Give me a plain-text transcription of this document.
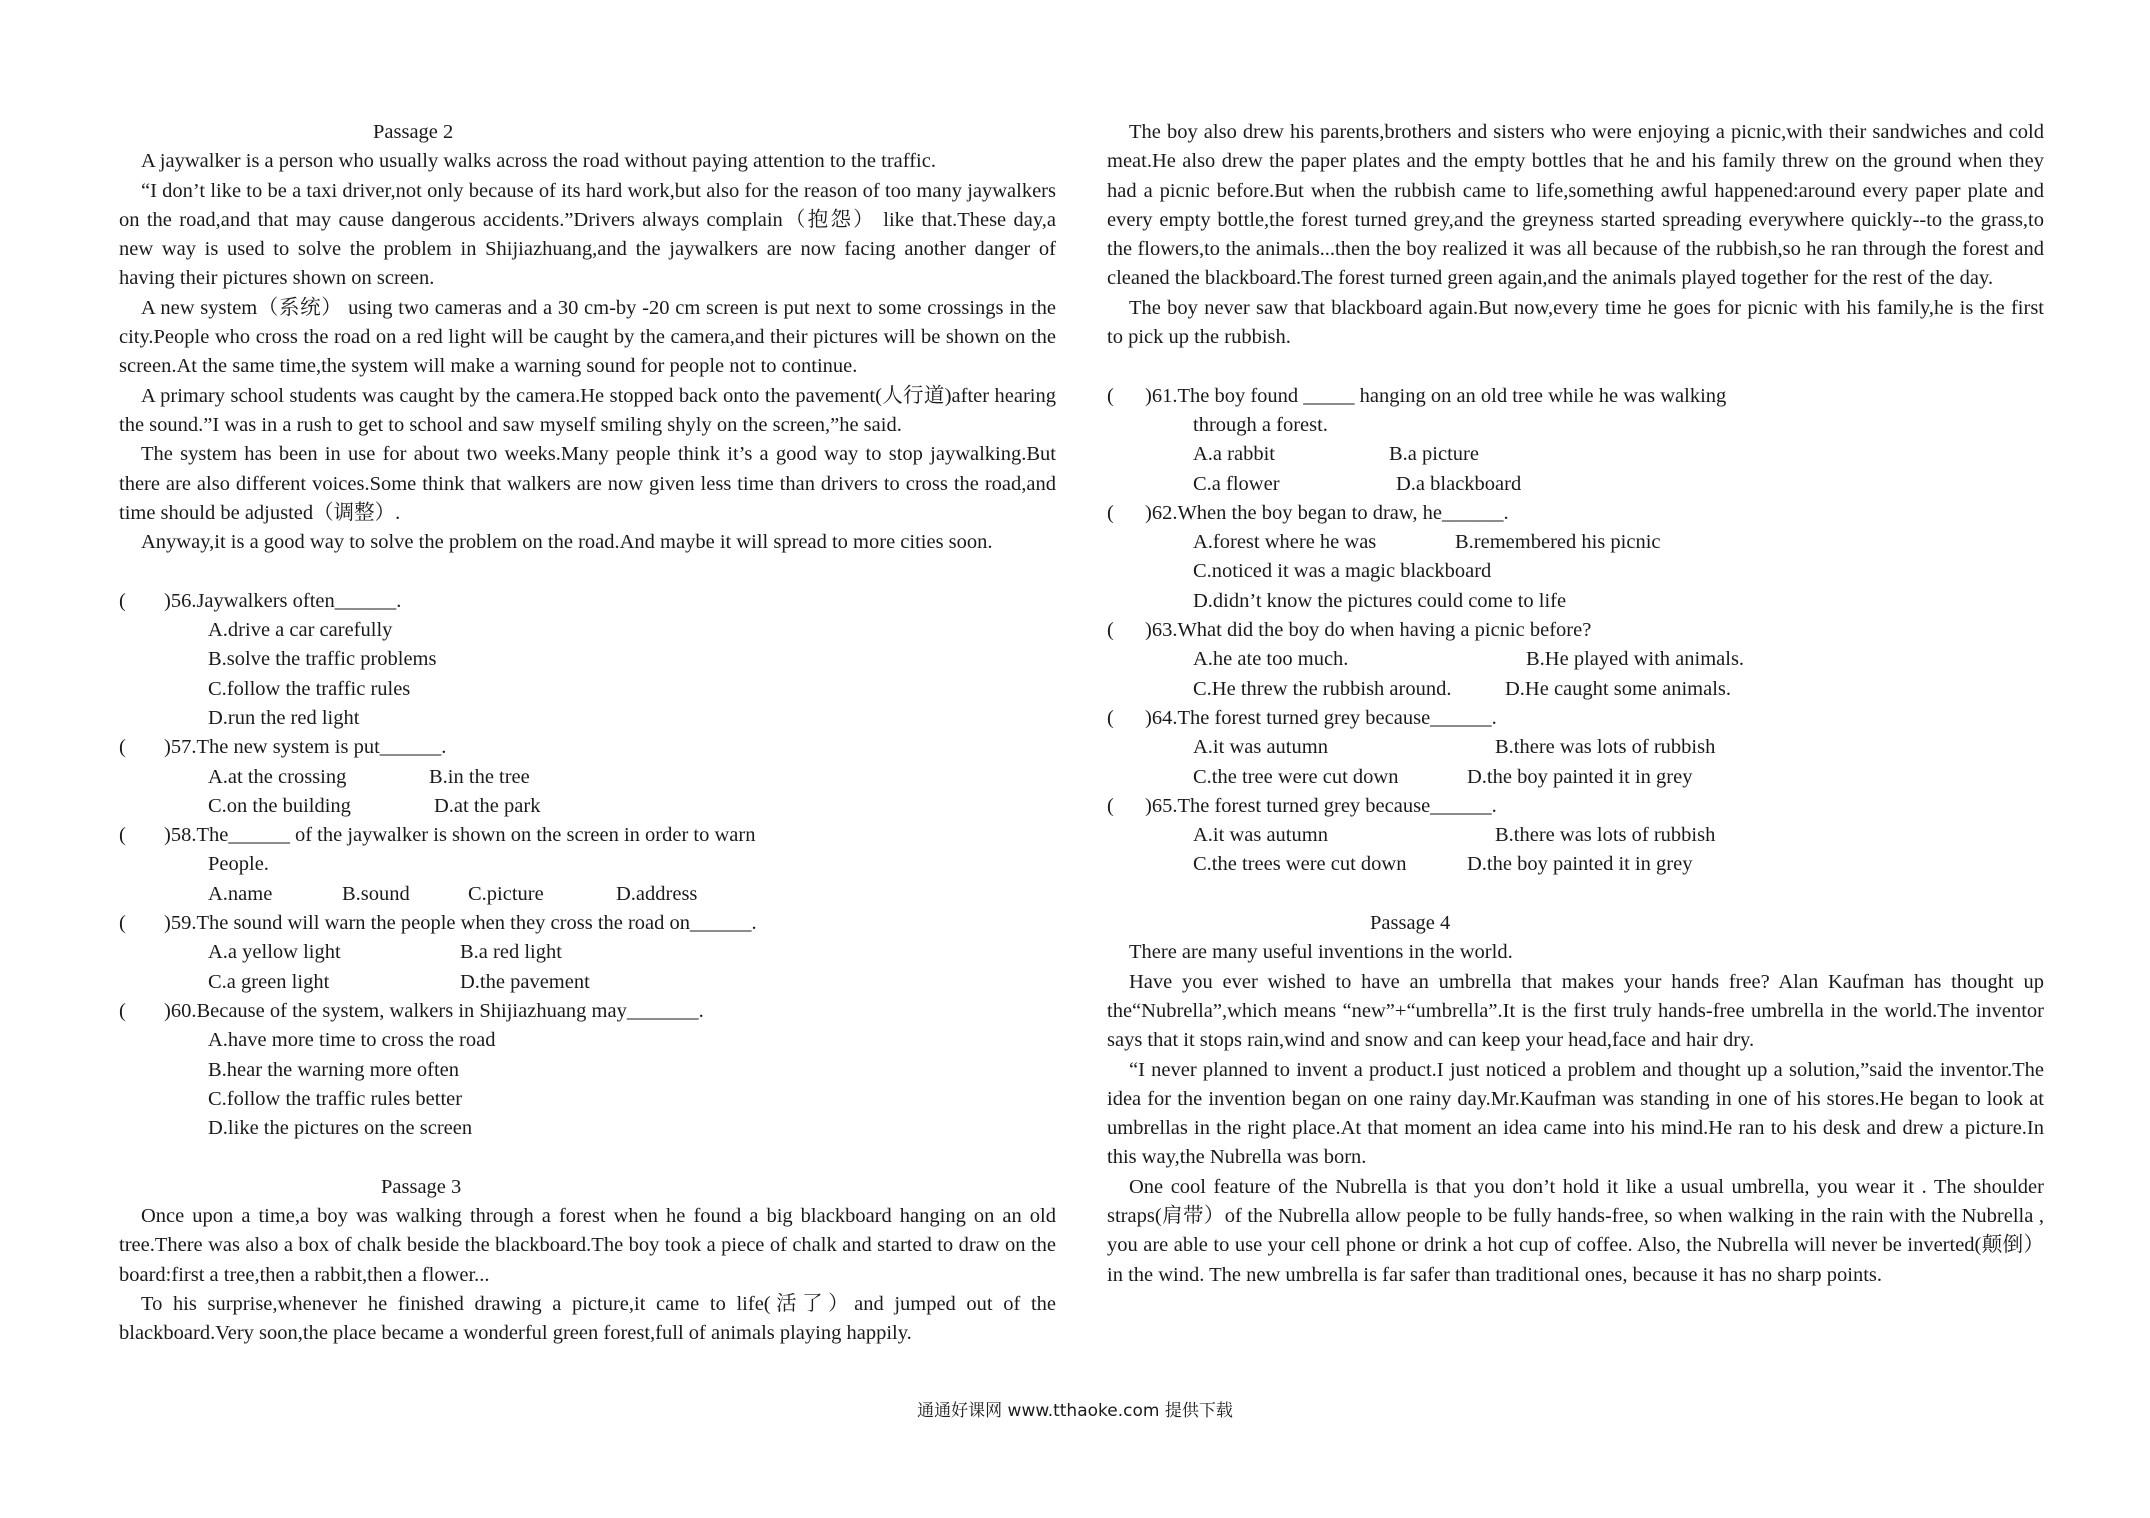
Passage 2

A jaywalker is a person who usually walks across the road without paying attention to the traffic.

“I don’t like to be a taxi driver,not only because of its hard work,but also for the reason of too many jaywalkers on the road,and that may cause dangerous accidents.”Drivers always complain（抱怨） like that.These day,a new way is used to solve the problem in Shijiazhuang,and the jaywalkers are now facing another danger of having their pictures shown on screen.

A new system（系统） using two cameras and a 30 cm-by -20 cm screen is put next to some crossings in the city.People who cross the road on a red light will be caught by the camera,and their pictures will be shown on the screen.At the same time,the system will make a warning sound for people not to continue.

A primary school students was caught by the camera.He stopped back onto the pavement(人行道)after hearing the sound.”I was in a rush to get to school and saw myself smiling shyly on the screen,”he said.

The system has been in use for about two weeks.Many people think it’s a good way to stop jaywalking.But there are also different voices.Some think that walkers are now given less time than drivers to cross the road,and time should be adjusted（调整）.

Anyway,it is a good way to solve the problem on the road.And maybe it will spread to more cities soon.

(	)56.Jaywalkers often______.

A.drive a car carefully

B.solve the traffic problems

C.follow the traffic rules

D.run the red light

(	)57.The new system is put______.
A.at the crossing	B.in the tree
C.on the building	D.at the park
(	)58.The______ of the jaywalker is shown on the screen in order to warn

People.

A.name	B.sound	C.picture	D.address
(	)59.The sound will warn the people when they cross the road on______.
A.a yellow light	B.a red light
C.a green light	D.the pavement
(	)60.Because of the system, walkers in Shijiazhuang may_______.

A.have more time to cross the road

B.hear the warning more often

C.follow the traffic rules better

D.like the pictures on the screen

Passage 3

Once upon a time,a boy was walking through a forest when he found a big blackboard hanging on an old tree.There was also a box of chalk beside the blackboard.The boy took a piece of chalk and started to draw on the board:first a tree,then a rabbit,then a flower...

To his surprise,whenever he finished drawing a picture,it came to life(活了）and jumped out of the blackboard.Very soon,the place became a wonderful green forest,full of animals playing happily.

The boy also drew his parents,brothers and sisters who were enjoying a picnic,with their sandwiches and cold meat.He also drew the paper plates and the empty bottles that he and his family threw on the ground when they had a picnic before.But when the rubbish came to life,something awful happened:around every paper plate and every empty bottle,the forest turned grey,and the greyness started spreading everywhere quickly--to the grass,to the flowers,to the animals...then the boy realized it was all because of the rubbish,so he ran through the forest and cleaned the blackboard.The forest turned green again,and the animals played together for the rest of the day.

The boy never saw that blackboard again.But now,every time he goes for picnic with his family,he is the first to pick up the rubbish.

(	)61.The boy found _____ hanging on an old tree while he was walking

through a forest.

A.a rabbit	B.a picture
C.a flower	D.a blackboard
(	)62.When the boy began to draw, he______.
A.forest where he was	B.remembered his picnic

C.noticed it was a magic blackboard

D.didn’t know the pictures could come to life

(	)63.What did the boy do when having a picnic before?
A.he ate too much.	B.He played with animals.
C.He threw the rubbish around.	D.He caught some animals.
(	)64.The forest turned grey because______.
A.it was autumn	B.there was lots of rubbish
C.the tree were cut down	D.the boy painted it in grey
(	)65.The forest turned grey because______.
A.it was autumn	B.there was lots of rubbish
C.the trees were cut down	D.the boy painted it in grey

Passage 4

There are many useful inventions in the world.

Have you ever wished to have an umbrella that makes your hands free? Alan Kaufman has thought up the“Nubrella”,which means “new”+“umbrella”.It is the first truly hands-free umbrella in the world.The inventor says that it stops rain,wind and snow and can keep your head,face and hair dry.

“I never planned to invent a product.I just noticed a problem and thought up a solution,”said the inventor.The idea for the invention began on one rainy day.Mr.Kaufman was standing in one of his stores.He began to look at umbrellas in the right place.At that moment an idea came into his mind.He ran to his desk and drew a picture.In this way,the Nubrella was born.

One cool feature of the Nubrella is that you don’t hold it like a usual umbrella, you wear it . The shoulder straps(肩带）of the Nubrella allow people to be fully hands-free, so when walking in the rain with the Nubrella , you are able to use your cell phone or drink a hot cup of coffee. Also, the Nubrella will never be inverted(颠倒）in the wind. The new umbrella is far safer than traditional ones, because it has no sharp points.

通通好课网 www.tthaoke.com 提供下载
